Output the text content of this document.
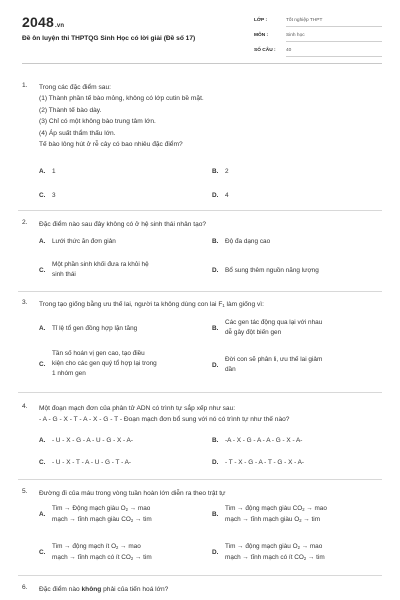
2048.vn
Đề ôn luyện thi THPTQG Sinh Học có lời giải (Đề số 17)
LỚP :	Tốt nghiệp THPT
MÔN :	Sinh học
SỐ CÂU : 40
1. Trong các đặc điểm sau:
(1) Thành phần tế bào mỏng, không có lớp cutin bề mặt.
(2) Thành tế bào dày.
(3) Chỉ có một không bào trung tâm lớn.
(4) Áp suất thẩm thấu lớn.
Tế bào lông hút ở rễ cây có bao nhiêu đặc điểm?
A. 1	B. 2
C. 3	D. 4
2. Đặc điểm nào sau đây không có ở hệ sinh thái nhân tạo?
A. Lưới thức ăn đơn giản	B. Độ đa dạng cao
C.
Một phần sinh khối đưa ra khỏi hệ
sinh thái
D. Bổ sung thêm nguồn năng lượng
3. Trong tạo giống bằng ưu thế lai, người ta không dùng con lai $F_1$ làm giống vì:
A. Tỉ lệ tổ gen đồng hợp lặn tăng	B.
Các gen tác động qua lại với nhau
dễ gây đột biến gen
C.
Tần số hoán vị gen cao, tạo điều
kiện cho các gen quý tổ hợp lại trong
1 nhóm gen
D.
Đời con sẽ phân li, ưu thế lai giảm
dần
4. Một đoạn mạch đơn của phân tử ADN có trình tự sắp xếp như sau:
- A - G - X - T - A - X - G - T - Đoạn mạch đơn bổ sung với nó có trình tự như thế nào?
A. - U - X - G - A - U - G - X - A-	B. -A - X - G - A - A - G - X - A-
C. - U - X - T - A - U - G - T - A-	D. - T - X - G - A - T - G - X - A-
5. Đường đi của máu trong vòng tuần hoàn lớn diễn ra theo trật tự
A.
Tim → Động mạch giàu $O_2$ → mao
mạch → tĩnh mạch giàu $CO_2$ → tim
B.
Tim → động mạch giàu $CO_2$ → mao
mạch → tĩnh mạch giàu $O_2$ → tim
C.
Tim → động mạch ít $O_2$ → mao
mạch → tĩnh mạch có ít $CO_2$ → tim
D.
Tim → động mạch giàu $O_2$ → mao
mạch → tĩnh mạch có ít $CO_2$ → tim
6. Đặc điểm nào không phải của tiến hoá lớn?
